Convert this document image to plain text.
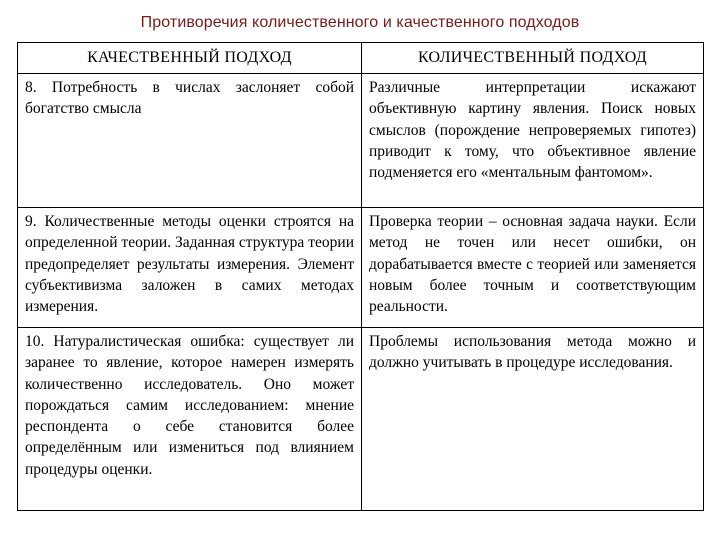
Противоречия количественного и качественного подходов
КАЧЕСТВЕННЫЙ ПОДХОД	КОЛИЧЕСТВЕННЫЙ ПОДХОД
8. Потребность в числах заслоняет собой богатство смысла	Различные интерпретации искажают объективную картину явления. Поиск новых смыслов (порождение непроверяемых гипотез) приводит к тому, что объективное явление подменяется его «ментальным фантомом».
9. Количественные методы оценки строятся на определенной теории. Заданная структура теории предопределяет результаты измерения. Элемент субъективизма заложен в самих методах измерения.	Проверка теории – основная задача науки. Если метод не точен или несет ошибки, он дорабатывается вместе с теорией или заменяется новым более точным и соответствующим реальности.
10. Натуралистическая ошибка: существует ли заранее то явление, которое намерен измерять количественно исследователь. Оно может порождаться самим исследованием: мнение респондента о себе становится более определённым или измениться под влиянием процедуры оценки.	Проблемы использования метода можно и должно учитывать в процедуре исследования.
